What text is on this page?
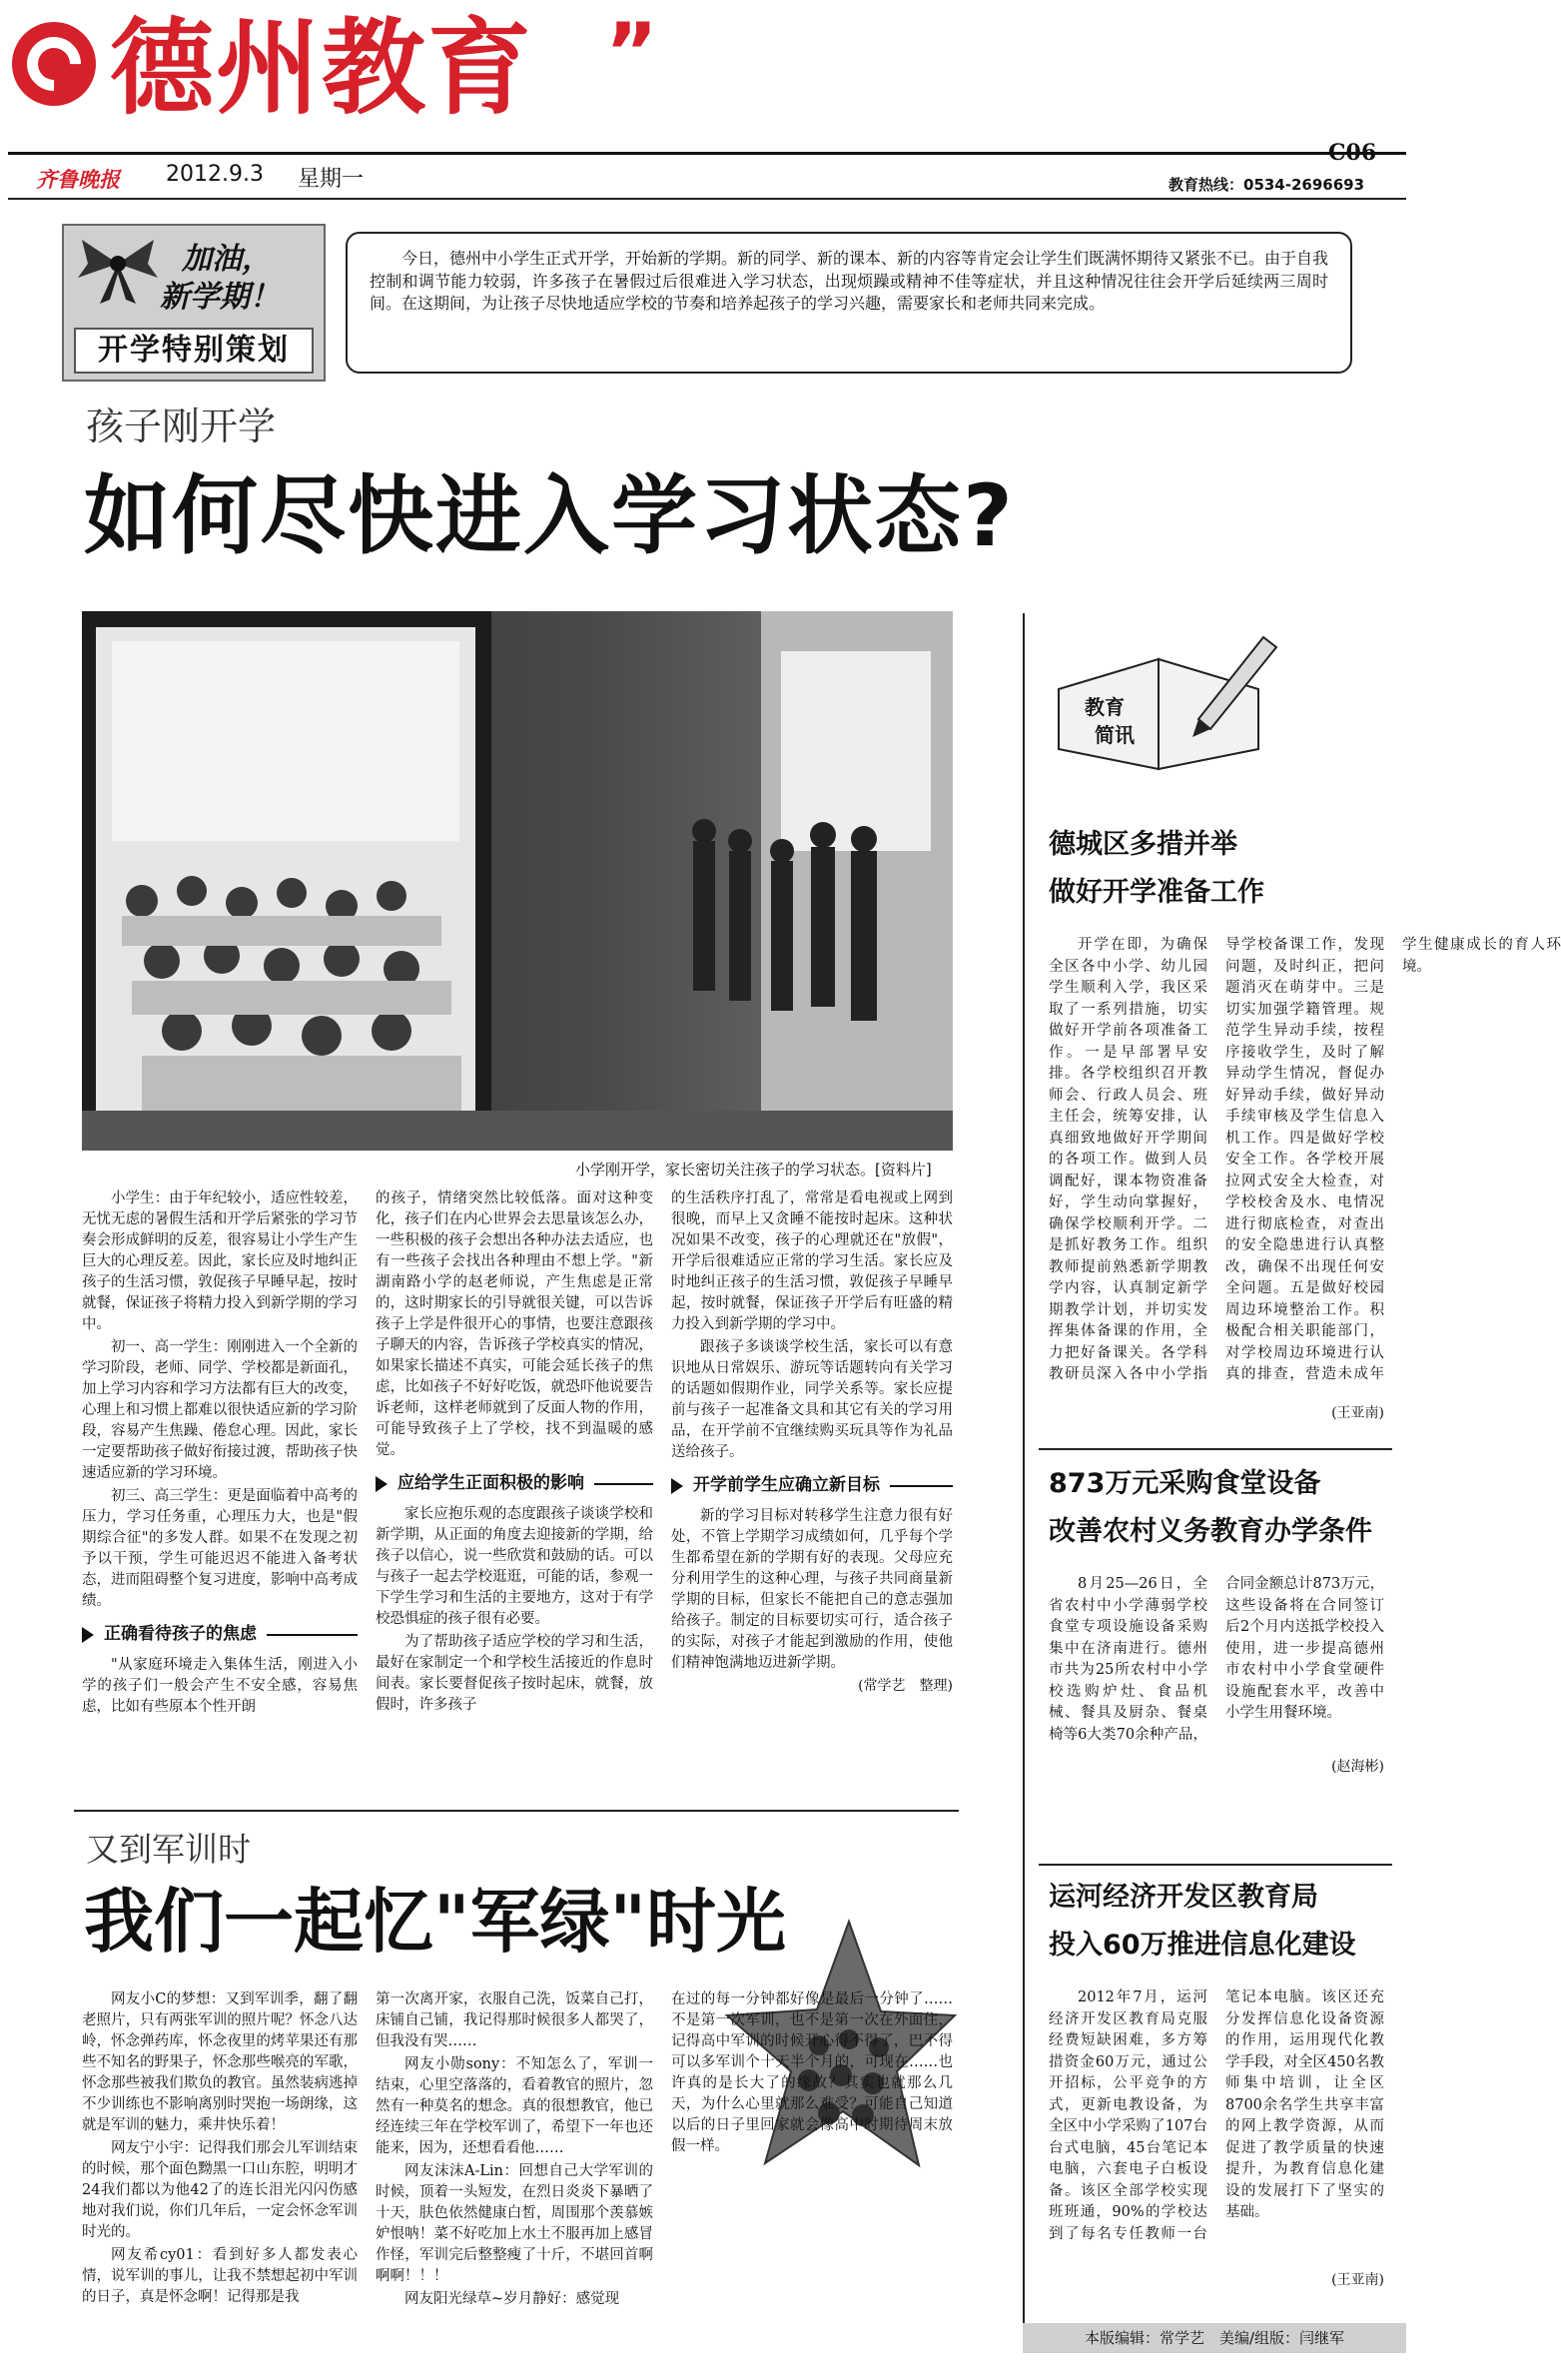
德州教育 ”
齐鲁晚报 2012.9.3 星期一
C06
教育热线：0534-2696693
加油，
新学期！
开学特别策划

今日，德州中小学生正式开学，开始新的学期。新的同学、新的课本、新的内容等肯定会让学生们既满怀期待又紧张不已。由于自我控制和调节能力较弱，许多孩子在暑假过后很难进入学习状态，出现烦躁或精神不佳等症状，并且这种情况往往会开学后延续两三周时间。在这期间，为让孩子尽快地适应学校的节奏和培养起孩子的学习兴趣，需要家长和老师共同来完成。

孩子刚开学
如何尽快进入学习状态?
小学刚开学，家长密切关注孩子的学习状态。[资料片]

小学生：由于年纪较小，适应性较差，无忧无虑的暑假生活和开学后紧张的学习节奏会形成鲜明的反差，很容易让小学生产生巨大的心理反差。因此，家长应及时地纠正孩子的生活习惯，敦促孩子早睡早起，按时就餐，保证孩子将精力投入到新学期的学习中。

初一、高一学生：刚刚进入一个全新的学习阶段，老师、同学、学校都是新面孔，加上学习内容和学习方法都有巨大的改变，心理上和习惯上都难以很快适应新的学习阶段，容易产生焦躁、倦怠心理。因此，家长一定要帮助孩子做好衔接过渡，帮助孩子快速适应新的学习环境。

初三、高三学生：更是面临着中高考的压力，学习任务重，心理压力大，也是"假期综合征"的多发人群。如果不在发现之初予以干预，学生可能迟迟不能进入备考状态，进而阻碍整个复习进度，影响中高考成绩。

正确看待孩子的焦虑

"从家庭环境走入集体生活，刚进入小学的孩子们一般会产生不安全感，容易焦虑，比如有些原本个性开朗

的孩子，情绪突然比较低落。面对这种变化，孩子们在内心世界会去思量该怎么办，一些积极的孩子会想出各种办法去适应，也有一些孩子会找出各种理由不想上学。"新湖南路小学的赵老师说，产生焦虑是正常的，这时期家长的引导就很关键，可以告诉孩子上学是件很开心的事情，也要注意跟孩子聊天的内容，告诉孩子学校真实的情况，如果家长描述不真实，可能会延长孩子的焦虑，比如孩子不好好吃饭，就恐吓他说要告诉老师，这样老师就到了反面人物的作用，可能导致孩子上了学校，找不到温暖的感觉。

应给学生正面积极的影响

家长应抱乐观的态度跟孩子谈谈学校和新学期，从正面的角度去迎接新的学期，给孩子以信心，说一些欣赏和鼓励的话。可以与孩子一起去学校逛逛，可能的话，参观一下学生学习和生活的主要地方，这对于有学校恐惧症的孩子很有必要。

为了帮助孩子适应学校的学习和生活，最好在家制定一个和学校生活接近的作息时间表。家长要督促孩子按时起床，就餐，放假时，许多孩子

的生活秩序打乱了，常常是看电视或上网到很晚，而早上又贪睡不能按时起床。这种状况如果不改变，孩子的心理就还在"放假"，开学后很难适应正常的学习生活。家长应及时地纠正孩子的生活习惯，敦促孩子早睡早起，按时就餐，保证孩子开学后有旺盛的精力投入到新学期的学习中。

跟孩子多谈谈学校生活，家长可以有意识地从日常娱乐、游玩等话题转向有关学习的话题如假期作业，同学关系等。家长应提前与孩子一起准备文具和其它有关的学习用品，在开学前不宜继续购买玩具等作为礼品送给孩子。

开学前学生应确立新目标

新的学习目标对转移学生注意力很有好处，不管上学期学习成绩如何，几乎每个学生都希望在新的学期有好的表现。父母应充分利用学生的这种心理，与孩子共同商量新学期的目标，但家长不能把自己的意志强加给孩子。制定的目标要切实可行，适合孩子的实际，对孩子才能起到激励的作用，使他们精神饱满地迈进新学期。

(常学艺　整理)
又到军训时
我们一起忆"军绿"时光

网友小C的梦想：又到军训季，翻了翻老照片，只有两张军训的照片呢？怀念八达岭，怀念弹药库，怀念夜里的烤苹果还有那些不知名的野果子，怀念那些喉亮的军歌，怀念那些被我们欺负的教官。虽然装病逃掉不少训练也不影响离别时哭抱一场朗缘，这就是军训的魅力，乘井快乐着！

网友宁小宇：记得我们那会儿军训结束的时候，那个面色黝黑一口山东腔，明明才24我们都以为他42了的连长泪光闪闪伤感地对我们说，你们几年后，一定会怀念军训时光的。

网友希cy01：看到好多人都发表心情，说军训的事儿，让我不禁想起初中军训的日子，真是怀念啊！记得那是我

第一次离开家，衣服自己洗，饭菜自己打，床铺自己铺，我记得那时候很多人都哭了，但我没有哭……

网友小勋sony：不知怎么了，军训一结束，心里空落落的，看着教官的照片，忽然有一种莫名的想念。真的很想教官，他已经连续三年在学校军训了，希望下一年也还能来，因为，还想看看他……

网友沫沫A-Lin：回想自己大学军训的时候，顶着一头短发，在烈日炎炎下暴晒了十天，肤色依然健康白皙，周围那个羡慕嫉妒恨呐！菜不好吃加上水土不服再加上感冒作怪，军训完后整整瘦了十斤，不堪回首啊啊啊！！！

网友阳光绿草~岁月静好：感觉现

在过的每一分钟都好像是最后一分钟了……不是第一次军训，也不是第一次在外面住，记得高中军训的时候开心得不得了，巴不得可以多军训个十天半个月的，可现在……也许真的是长大了的缘故？其实也就那么几天，为什么心里就那么难受？可能自己知道以后的日子里回家就会像高中时期待周末放假一样。

教育
简讯
德城区多措并举
做好开学准备工作

开学在即，为确保全区各中小学、幼儿园学生顺利入学，我区采取了一系列措施，切实做好开学前各项准备工作。一是早部署早安排。各学校组织召开教师会、行政人员会、班主任会，统筹安排，认真细致地做好开学期间的各项工作。做到人员调配好，课本物资准备好，学生动向掌握好，确保学校顺利开学。二是抓好教务工作。组织教师提前熟悉新学期教学内容，认真制定新学期教学计划，并切实发挥集体备课的作用，全力把好备课关。各学科教研员深入各中小学指导学校备课工作，发现问题，及时纠正，把问题消灭在萌芽中。三是切实加强学籍管理。规范学生异动手续，按程序接收学生，及时了解异动学生情况，督促办好异动手续，做好异动手续审核及学生信息入机工作。四是做好学校安全工作。各学校开展拉网式安全大检查，对学校校舍及水、电情况进行彻底检查，对查出的安全隐患进行认真整改，确保不出现任何安全问题。五是做好校园周边环境整治工作。积极配合相关职能部门，对学校周边环境进行认真的排查，营造未成年学生健康成长的育人环境。

(王亚南)
873万元采购食堂设备
改善农村义务教育办学条件

8月25—26日，全省农村中小学薄弱学校食堂专项设施设备采购集中在济南进行。德州市共为25所农村中小学校选购炉灶、食品机械、餐具及厨杂、餐桌椅等6大类70余种产品，合同金额总计873万元，这些设备将在合同签订后2个月内送抵学校投入使用，进一步提高德州市农村中小学食堂硬件设施配套水平，改善中小学生用餐环境。

(赵海彬)
运河经济开发区教育局
投入60万推进信息化建设

2012年7月，运河经济开发区教育局克服经费短缺困难，多方筹措资金60万元，通过公开招标，公平竞争的方式，更新电教设备，为全区中小学采购了107台台式电脑，45台笔记本电脑，六套电子白板设备。该区全部学校实现班班通，90%的学校达到了每名专任教师一台笔记本电脑。该区还充分发挥信息化设备资源的作用，运用现代化教学手段，对全区450名教师集中培训，让全区8700余名学生共享丰富的网上教学资源，从而促进了教学质量的快速提升，为教育信息化建设的发展打下了坚实的基础。

(王亚南)
本版编辑：常学艺　美编/组版：闫继军
